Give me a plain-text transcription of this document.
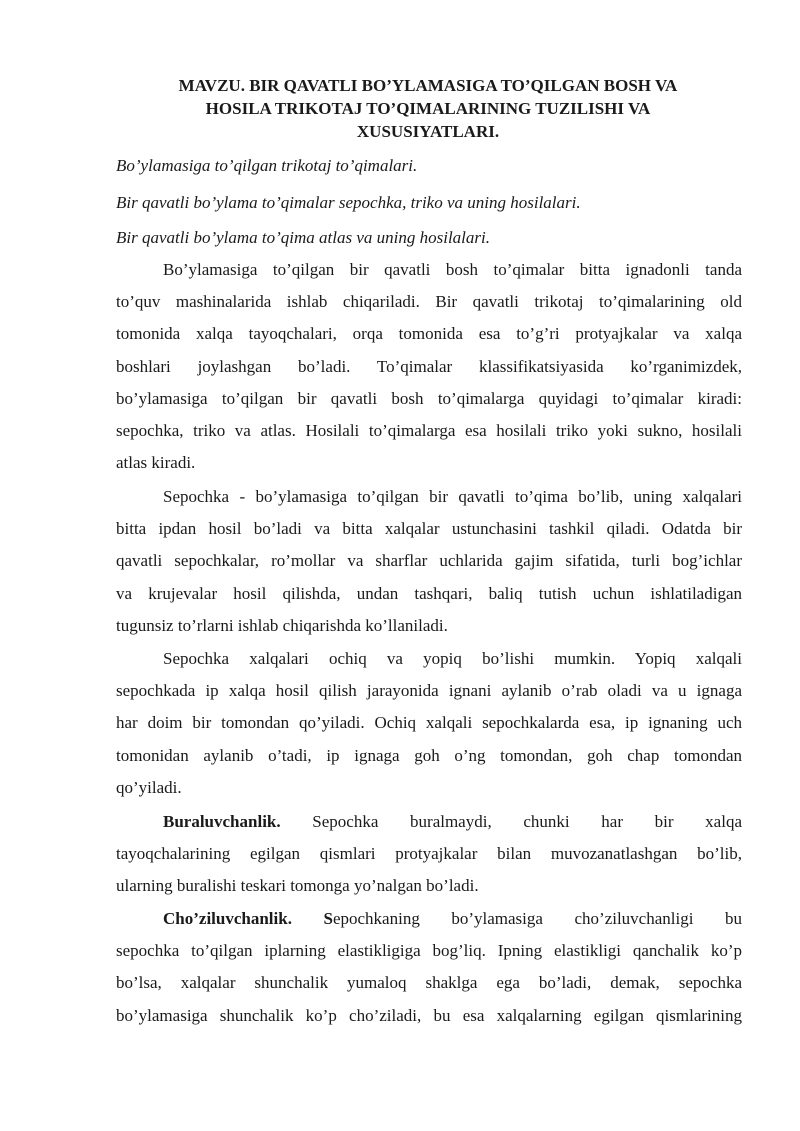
MAVZU. BIR QAVATLI BO’YLAMASIGA TO’QILGAN BOSH VA
HOSILA TRIKOTAJ TO’QIMALARINING TUZILISHI VA
XUSUSIYATLARI.
Bo’ylamasiga to’qilgan trikotaj to’qimalari.
Bir qavatli bo’ylama to’qimalar sepochka, triko va uning hosilalari.
Bir qavatli bo’ylama to’qima atlas va uning hosilalari.
Bo’ylamasiga to’qilgan bir qavatli bosh to’qimalar bitta ignadonli tanda
to’quv mashinalarida ishlab chiqariladi. Bir qavatli trikotaj to’qimalarining old
tomonida xalqa tayoqchalari, orqa tomonida esa to’g’ri protyajkalar va xalqa
boshlari joylashgan bo’ladi. To’qimalar klassifikatsiyasida ko’rganimizdek,
bo’ylamasiga to’qilgan bir qavatli bosh to’qimalarga quyidagi to’qimalar kiradi:
sepochka, triko va atlas. Hosilali to’qimalarga esa hosilali triko yoki sukno, hosilali
atlas kiradi.
Sepochka - bo’ylamasiga to’qilgan bir qavatli to’qima bo’lib, uning xalqalari
bitta ipdan hosil bo’ladi va bitta xalqalar ustunchasini tashkil qiladi. Odatda bir
qavatli sepochkalar, ro’mollar va sharflar uchlarida gajim sifatida, turli bog’ichlar
va krujevalar hosil qilishda, undan tashqari, baliq tutish uchun ishlatiladigan
tugunsiz to’rlarni ishlab chiqarishda ko’llaniladi.
Sepochka xalqalari ochiq va yopiq bo’lishi mumkin. Yopiq xalqali
sepochkada ip xalqa hosil qilish jarayonida ignani aylanib o’rab oladi va u ignaga
har doim bir tomondan qo’yiladi. Ochiq xalqali sepochkalarda esa, ip ignaning uch
tomonidan aylanib o’tadi, ip ignaga goh o’ng tomondan, goh chap tomondan
qo’yiladi.
Buraluvchanlik. Sepochka buralmaydi, chunki har bir xalqa
tayoqchalarining egilgan qismlari protyajkalar bilan muvozanatlashgan bo’lib,
ularning buralishi teskari tomonga yo’nalgan bo’ladi.
Cho’ziluvchanlik. Sepochkaning bo’ylamasiga cho’ziluvchanligi bu
sepochka to’qilgan iplarning elastikligiga bog’liq. Ipning elastikligi qanchalik ko’p
bo’lsa, xalqalar shunchalik yumaloq shaklga ega bo’ladi, demak, sepochka
bo’ylamasiga shunchalik ko’p cho’ziladi, bu esa xalqalarning egilgan qismlarining
